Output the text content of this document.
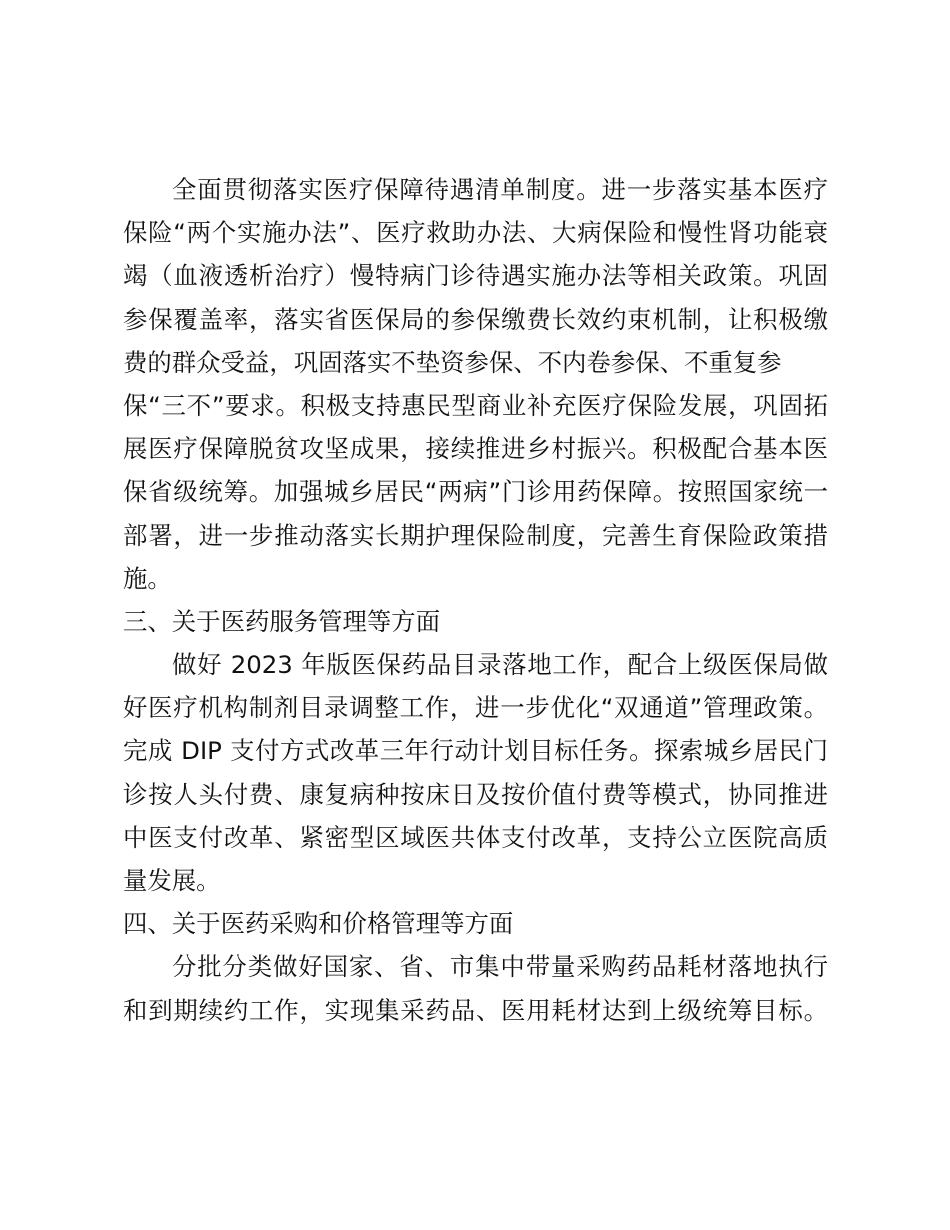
全面贯彻落实医疗保障待遇清单制度。进一步落实基本医疗
保险“两个实施办法”、医疗救助办法、大病保险和慢性肾功能衰
竭（血液透析治疗）慢特病门诊待遇实施办法等相关政策。巩固
参保覆盖率，落实省医保局的参保缴费长效约束机制，让积极缴
费的群众受益，巩固落实不垫资参保、不内卷参保、不重复参
保“三不”要求。积极支持惠民型商业补充医疗保险发展，巩固拓
展医疗保障脱贫攻坚成果，接续推进乡村振兴。积极配合基本医
保省级统筹。加强城乡居民“两病”门诊用药保障。按照国家统一
部署，进一步推动落实长期护理保险制度，完善生育保险政策措
施。

三、关于医药服务管理等方面

做好 2023 年版医保药品目录落地工作，配合上级医保局做
好医疗机构制剂目录调整工作，进一步优化“双通道”管理政策。
完成 DIP 支付方式改革三年行动计划目标任务。探索城乡居民门
诊按人头付费、康复病种按床日及按价值付费等模式，协同推进
中医支付改革、紧密型区域医共体支付改革，支持公立医院高质
量发展。

四、关于医药采购和价格管理等方面

分批分类做好国家、省、市集中带量采购药品耗材落地执行
和到期续约工作，实现集采药品、医用耗材达到上级统筹目标。
